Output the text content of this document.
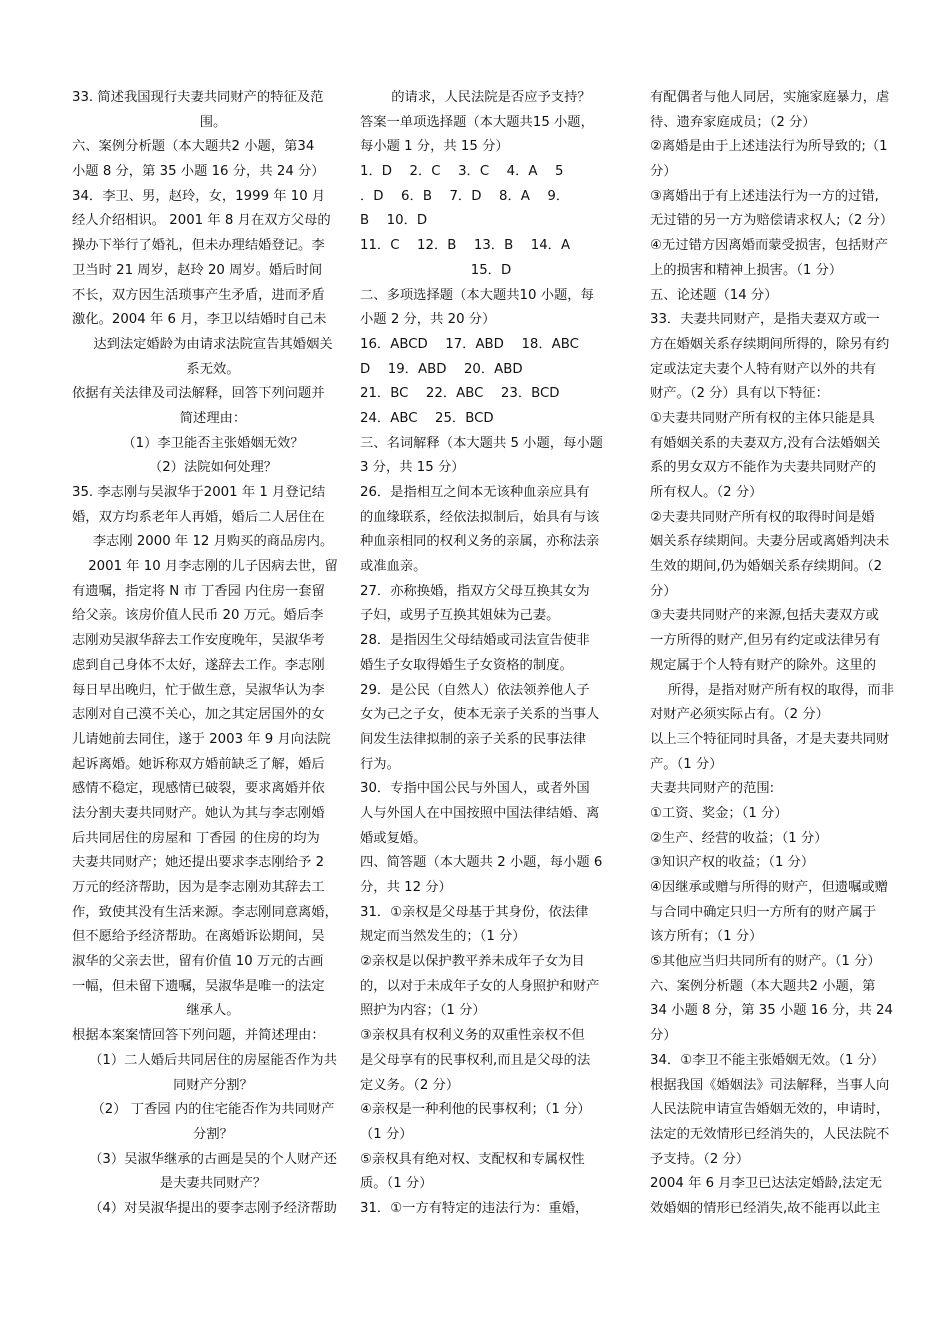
33. 简述我国现行夫妻共同财产的特征及范
围。
六、案例分析题（本大题共2 小题，第34
小题 8 分，第 35 小题 16 分，共 24 分）
34．李卫、男，赵玲，女，1999 年 10 月
经人介绍相识。 2001 年 8 月在双方父母的
操办下举行了婚礼，但未办理结婚登记。李
卫当时 21 周岁，赵玲 20 周岁。婚后时间
不长，双方因生活琐事产生矛盾，进而矛盾
激化。2004 年 6 月，李卫以结婚时自己未
达到法定婚龄为由请求法院宣告其婚姻关
系无效。
依据有关法律及司法解释，回答下列问题并
简述理由：
（1）李卫能否主张婚姻无效？
（2）法院如何处理？
35. 李志刚与吴淑华于2001 年 1 月登记结
婚，双方均系老年人再婚，婚后二人居住在
李志刚 2000 年 12 月购买的商品房内。
2001 年 10 月李志刚的儿子因病去世，留
有遗嘱，指定将 N 市 丁香园 内住房一套留
给父亲。该房价值人民币 20 万元。婚后李
志刚劝吴淑华辞去工作安度晚年，吴淑华考
虑到自己身体不太好，遂辞去工作。李志刚
每日早出晚归，忙于做生意，吴淑华认为李
志刚对自己漠不关心，加之其定居国外的女
儿请她前去同住，遂于 2003 年 9 月向法院
起诉离婚。她诉称双方婚前缺乏了解，婚后
感情不稳定，现感情已破裂，要求离婚并依
法分割夫妻共同财产。她认为其与李志刚婚
后共同居住的房屋和 丁香园 的住房的均为
夫妻共同财产；她还提出要求李志刚给予 2
万元的经济帮助，因为是李志刚劝其辞去工
作，致使其没有生活来源。李志刚同意离婚，
但不愿给予经济帮助。在离婚诉讼期间，吴
淑华的父亲去世，留有价值 10 万元的古画
一幅，但未留下遗嘱，吴淑华是唯一的法定
继承人。
根据本案案情回答下列问题，并简述理由：
（1）二人婚后共同居住的房屋能否作为共
同财产分割？
（2） 丁香园 内的住宅能否作为共同财产
分割？
（3）吴淑华继承的古画是吴的个人财产还
是夫妻共同财产？
（4）对吴淑华提出的要李志刚予经济帮助
的请求，人民法院是否应予支持？
答案一单项选择题（本大题共15 小题，
每小题 1 分，共 15 分）
1．D　 2．C　 3．C　 4．A　 5
．D　 6．B　 7．D　 8．A　 9．
B　 10．D
11．C　 12．B　 13．B　 14．A
15．D
二、多项选择题（本大题共10 小题，每
小题 2 分，共 20 分）
16．ABCD　 17．ABD　 18．ABC
D　 19．ABD　 20．ABD
21．BC　 22．ABC　 23．BCD
24．ABC　 25．BCD
三、名词解释（本大题共 5 小题，每小题
3 分，共 15 分）
26．是指相互之间本无该种血亲应具有
的血缘联系，经依法拟制后，始具有与该
种血亲相同的权利义务的亲属，亦称法亲
或准血亲。
27．亦称换婚，指双方父母互换其女为
子妇，或男子互换其姐妹为己妻。
28．是指因生父母结婚或司法宣告使非
婚生子女取得婚生子女资格的制度。
29．是公民（自然人）依法领养他人子
女为己之子女，使本无亲子关系的当事人
间发生法律拟制的亲子关系的民事法律
行为。
30．专指中国公民与外国人，或者外国
人与外国人在中国按照中国法律结婚、离
婚或复婚。
四、简答题（本大题共 2 小题，每小题 6
分，共 12 分）
31．①亲权是父母基于其身份，依法律
规定而当然发生的；（1 分）
②亲权是以保护教平养未成年子女为目
的，以对于未成年子女的人身照护和财产
照护为内容；（1 分）
③亲权具有权利义务的双重性亲权不但
是父母享有的民事权利,而且是父母的法
定义务。（2 分）
④亲权是一种利他的民事权利；（1 分）
（1 分）
⑤亲权具有绝对权、支配权和专属权性
质。（1 分）
31．①一方有特定的违法行为：重婚，
有配偶者与他人同居，实施家庭暴力，虐
待、遗弃家庭成员；（2 分）
②离婚是由于上述违法行为所导致的;（1
分）
③离婚出于有上述违法行为一方的过错,
无过错的另一方为赔偿请求权人;（2 分）
④无过错方因离婚而蒙受损害，包括财产
上的损害和精神上损害。（1 分）
五、论述题（14 分）
33．夫妻共同财产，是指夫妻双方或一
方在婚姻关系存续期间所得的，除另有约
定或法定夫妻个人特有财产以外的共有
财产。（2 分）具有以下特征：
①夫妻共同财产所有权的主体只能是具
有婚姻关系的夫妻双方,没有合法婚姻关
系的男女双方不能作为夫妻共同财产的
所有权人。（2 分）
②夫妻共同财产所有权的取得时间是婚
姻关系存续期间。夫妻分居或离婚判决未
生效的期间,仍为婚姻关系存续期间。（2
分）
③夫妻共同财产的来源,包括夫妻双方或
一方所得的财产,但另有约定或法律另有
规定属于个人特有财产的除外。这里的
所得，是指对财产所有权的取得，而非
对财产必须实际占有。（2 分）
以上三个特征同时具备，才是夫妻共同财
产。（1 分）
夫妻共同财产的范围:
①工资、奖金；（1 分）
②生产、经营的收益；（1 分）
③知识产权的收益；（1 分）
④因继承或赠与所得的财产，但遗嘱或赠
与合同中确定只归一方所有的财产属于
该方所有；（1 分）
⑤其他应当归共同所有的财产。（1 分）
六、案例分析题（本大题共2 小题，第
34 小题 8 分，第 35 小题 16 分，共 24
分）
34．①李卫不能主张婚姻无效。（1 分）
根据我国《婚姻法》司法解释，当事人向
人民法院申请宣告婚姻无效的，申请时，
法定的无效情形已经消失的，人民法院不
予支持。（2 分）
2004 年 6 月李卫已达法定婚龄,法定无
效婚姻的情形已经消失,故不能再以此主
